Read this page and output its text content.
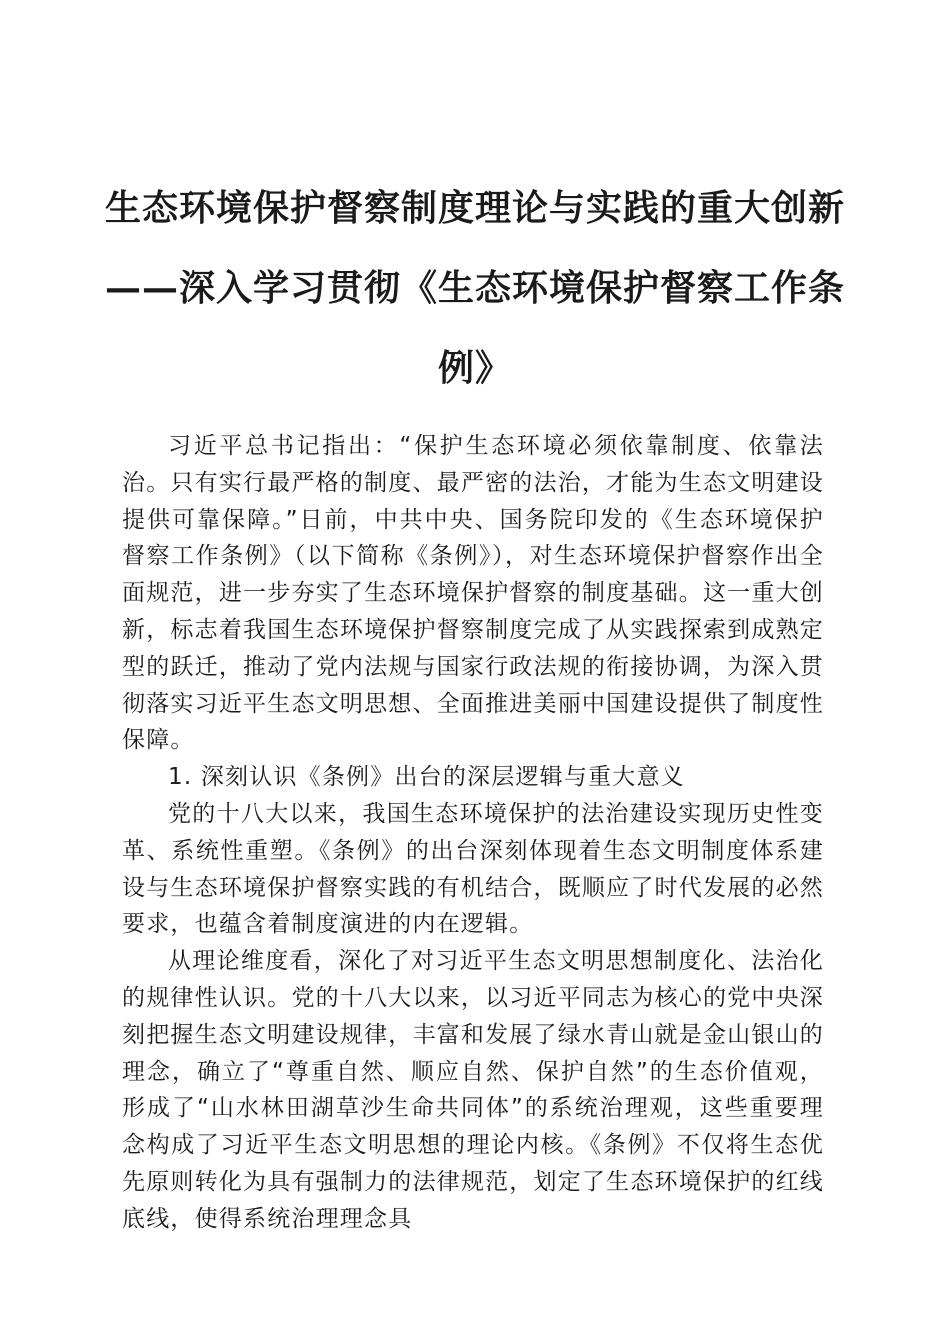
生态环境保护督察制度理论与实践的重大创新
——深入学习贯彻《生态环境保护督察工作条
例》

习近平总书记指出：“保护生态环境必须依靠制度、依靠法治。只有实行最严格的制度、最严密的法治，才能为生态文明建设提供可靠保障。”日前，中共中央、国务院印发的《生态环境保护督察工作条例》（以下简称《条例》），对生态环境保护督察作出全面规范，进一步夯实了生态环境保护督察的制度基础。这一重大创新，标志着我国生态环境保护督察制度完成了从实践探索到成熟定型的跃迁，推动了党内法规与国家行政法规的衔接协调，为深入贯彻落实习近平生态文明思想、全面推进美丽中国建设提供了制度性保障。

1. 深刻认识《条例》出台的深层逻辑与重大意义

党的十八大以来，我国生态环境保护的法治建设实现历史性变革、系统性重塑。《条例》的出台深刻体现着生态文明制度体系建设与生态环境保护督察实践的有机结合，既顺应了时代发展的必然要求，也蕴含着制度演进的内在逻辑。

从理论维度看，深化了对习近平生态文明思想制度化、法治化的规律性认识。党的十八大以来，以习近平同志为核心的党中央深刻把握生态文明建设规律，丰富和发展了绿水青山就是金山银山的理念，确立了“尊重自然、顺应自然、保护自然”的生态价值观，形成了“山水林田湖草沙生命共同体”的系统治理观，这些重要理念构成了习近平生态文明思想的理论内核。《条例》不仅将生态优先原则转化为具有强制力的法律规范，划定了生态环境保护的红线底线，使得系统治理理念具
